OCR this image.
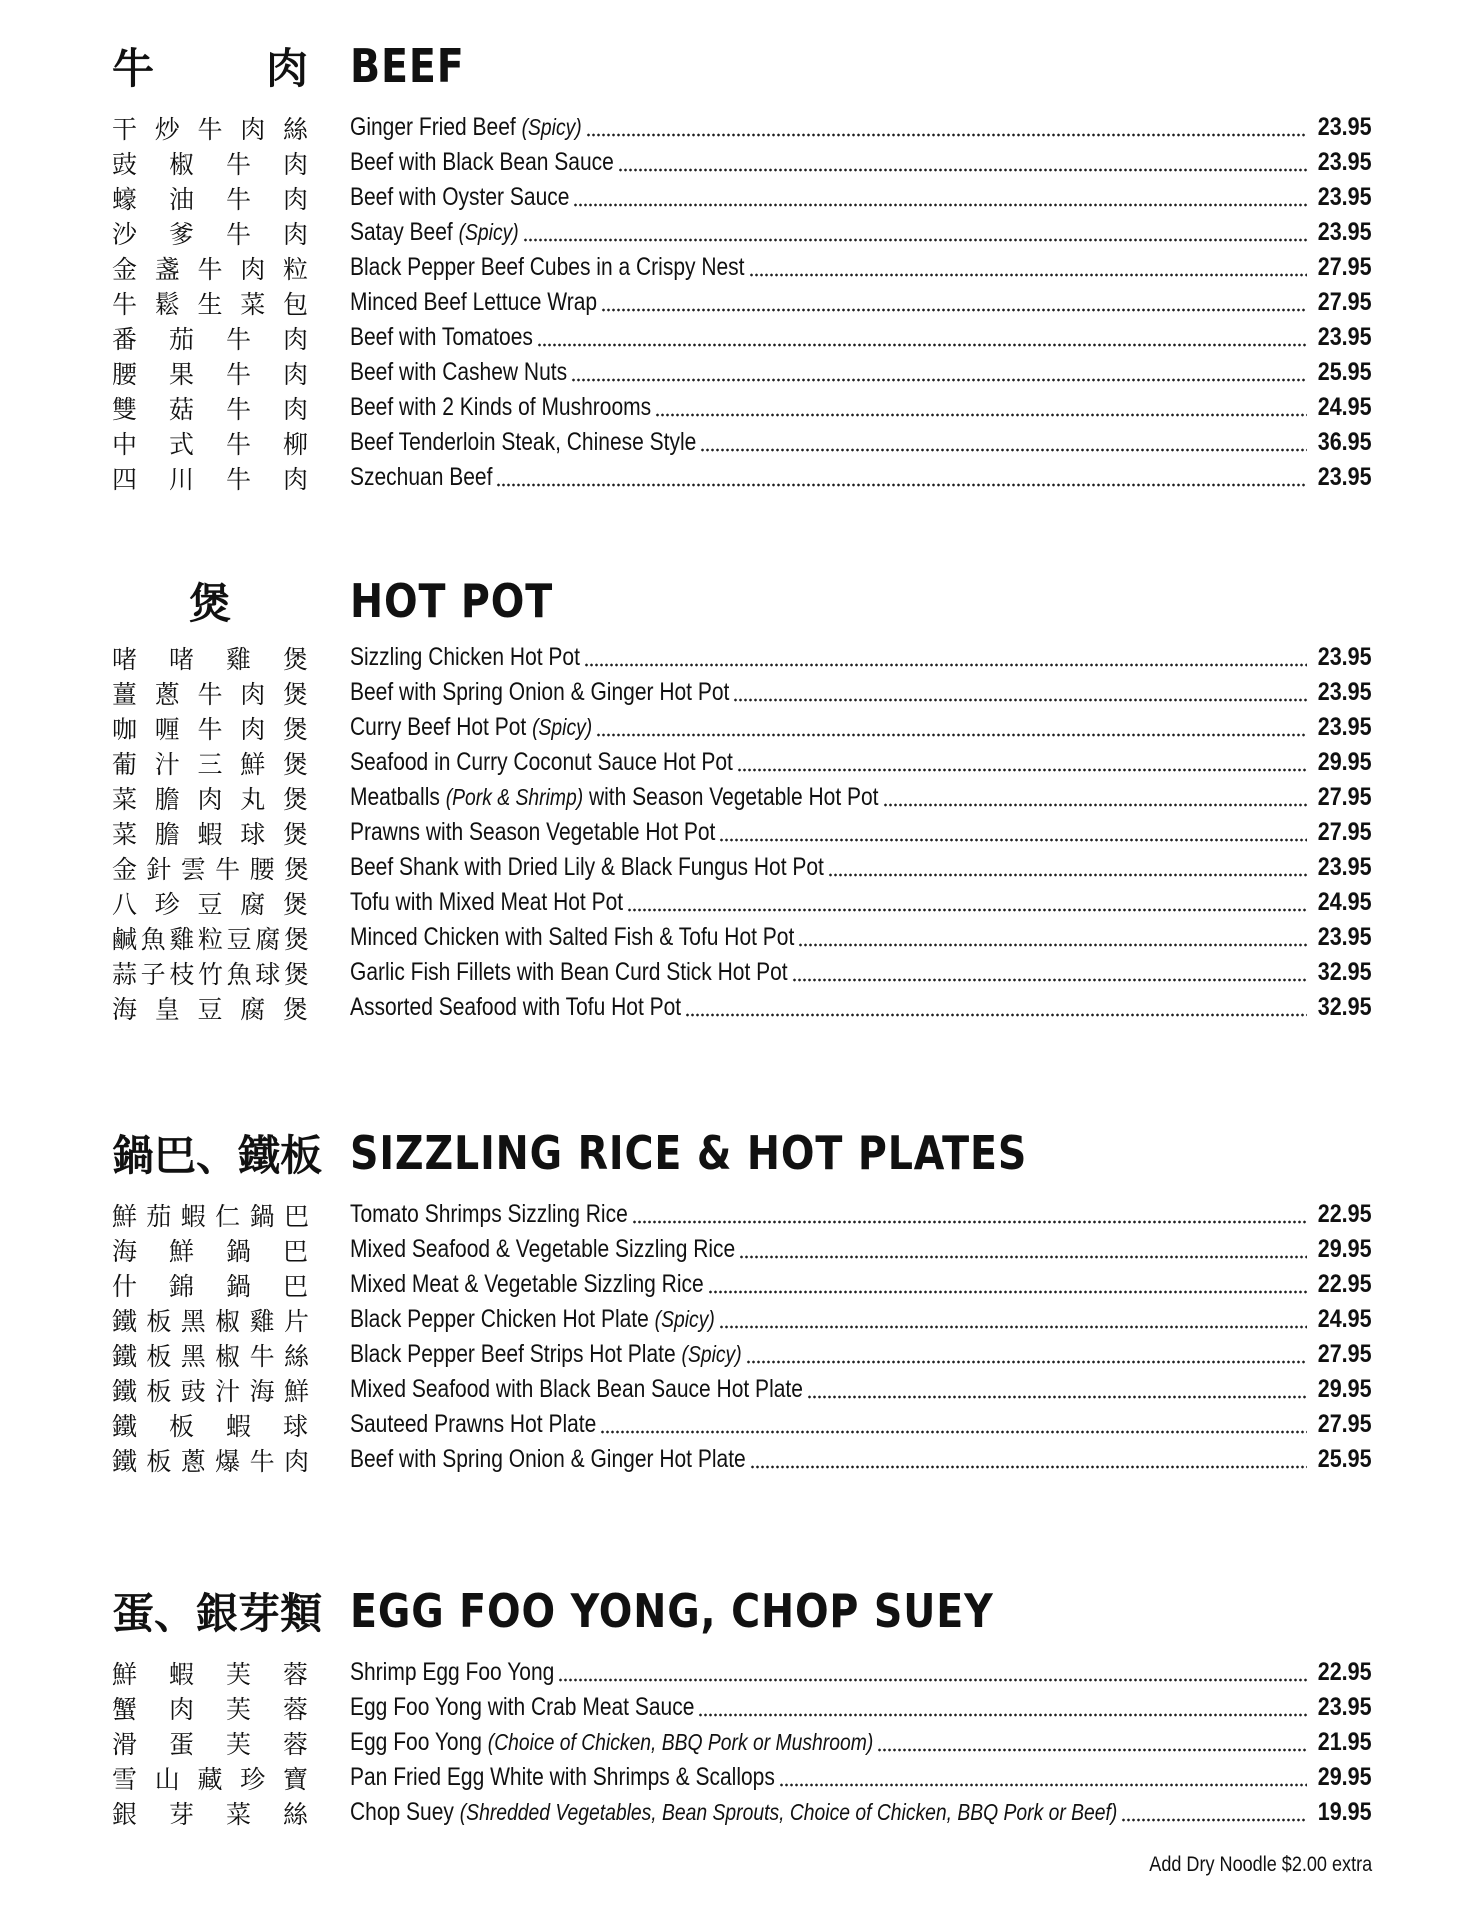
牛	肉 BEEF
干 炒 牛 肉 絲 Ginger Fried Beef (Spicy)	23.95
豉 椒 牛 肉 Beef with Black Bean Sauce	23.95
蠔 油 牛 肉 Beef with Oyster Sauce	23.95
沙 爹 牛 肉 Satay Beef (Spicy)	23.95
金 盞 牛 肉 粒 Black Pepper Beef Cubes in a Crispy Nest	27.95
牛 鬆 生 菜 包 Minced Beef Lettuce Wrap	27.95
番 茄 牛 肉 Beef with Tomatoes	23.95
腰 果 牛 肉 Beef with Cashew Nuts	25.95
雙 菇 牛 肉 Beef with 2 Kinds of Mushrooms	24.95
中 式 牛 柳 Beef Tenderloin Steak, Chinese Style	36.95
四 川 牛 肉 Szechuan Beef	23.95
煲	HOT POT
啫 啫 雞 煲 Sizzling Chicken Hot Pot	23.95
薑 蔥 牛 肉 煲 Beef with Spring Onion & Ginger Hot Pot	23.95
咖 喱 牛 肉 煲 Curry Beef Hot Pot (Spicy)	23.95
葡 汁 三 鮮 煲 Seafood in Curry Coconut Sauce Hot Pot	29.95
菜 膽 肉 丸 煲 Meatballs (Pork & Shrimp) with Season Vegetable Hot Pot	27.95
菜 膽 蝦 球 煲 Prawns with Season Vegetable Hot Pot	27.95
金 針 雲 牛 腰 煲 Beef Shank with Dried Lily & Black Fungus Hot Pot	23.95
八 珍 豆 腐 煲 Tofu with Mixed Meat Hot Pot	24.95
鹹 魚 雞 粒 豆 腐 煲 Minced Chicken with Salted Fish & Tofu Hot Pot	23.95
蒜 子 枝 竹 魚 球 煲 Garlic Fish Fillets with Bean Curd Stick Hot Pot	32.95
海 皇 豆 腐 煲 Assorted Seafood with Tofu Hot Pot	32.95
鍋 巴 、 鐵 板 SIZZLING RICE & HOT PLATES
鮮 茄 蝦 仁 鍋 巴 Tomato Shrimps Sizzling Rice	22.95
海 鮮 鍋 巴 Mixed Seafood & Vegetable Sizzling Rice	29.95
什 錦 鍋 巴 Mixed Meat & Vegetable Sizzling Rice	22.95
鐵 板 黑 椒 雞 片 Black Pepper Chicken Hot Plate (Spicy)	24.95
鐵 板 黑 椒 牛 絲 Black Pepper Beef Strips Hot Plate (Spicy)	27.95
鐵 板 豉 汁 海 鮮 Mixed Seafood with Black Bean Sauce Hot Plate	29.95
鐵 板 蝦 球 Sauteed Prawns Hot Plate	27.95
鐵 板 蔥 爆 牛 肉 Beef with Spring Onion & Ginger Hot Plate	25.95
蛋 、 銀 芽 類 EGG FOO YONG, CHOP SUEY
鮮 蝦 芙 蓉 Shrimp Egg Foo Yong	22.95
蟹 肉 芙 蓉 Egg Foo Yong with Crab Meat Sauce	23.95
滑 蛋 芙 蓉 Egg Foo Yong (Choice of Chicken, BBQ Pork or Mushroom)	21.95
雪 山 藏 珍 寶 Pan Fried Egg White with Shrimps & Scallops	29.95
銀 芽 菜 絲 Chop Suey (Shredded Vegetables, Bean Sprouts, Choice of Chicken, BBQ Pork or Beef)	19.95
Add Dry Noodle $2.00 extra
